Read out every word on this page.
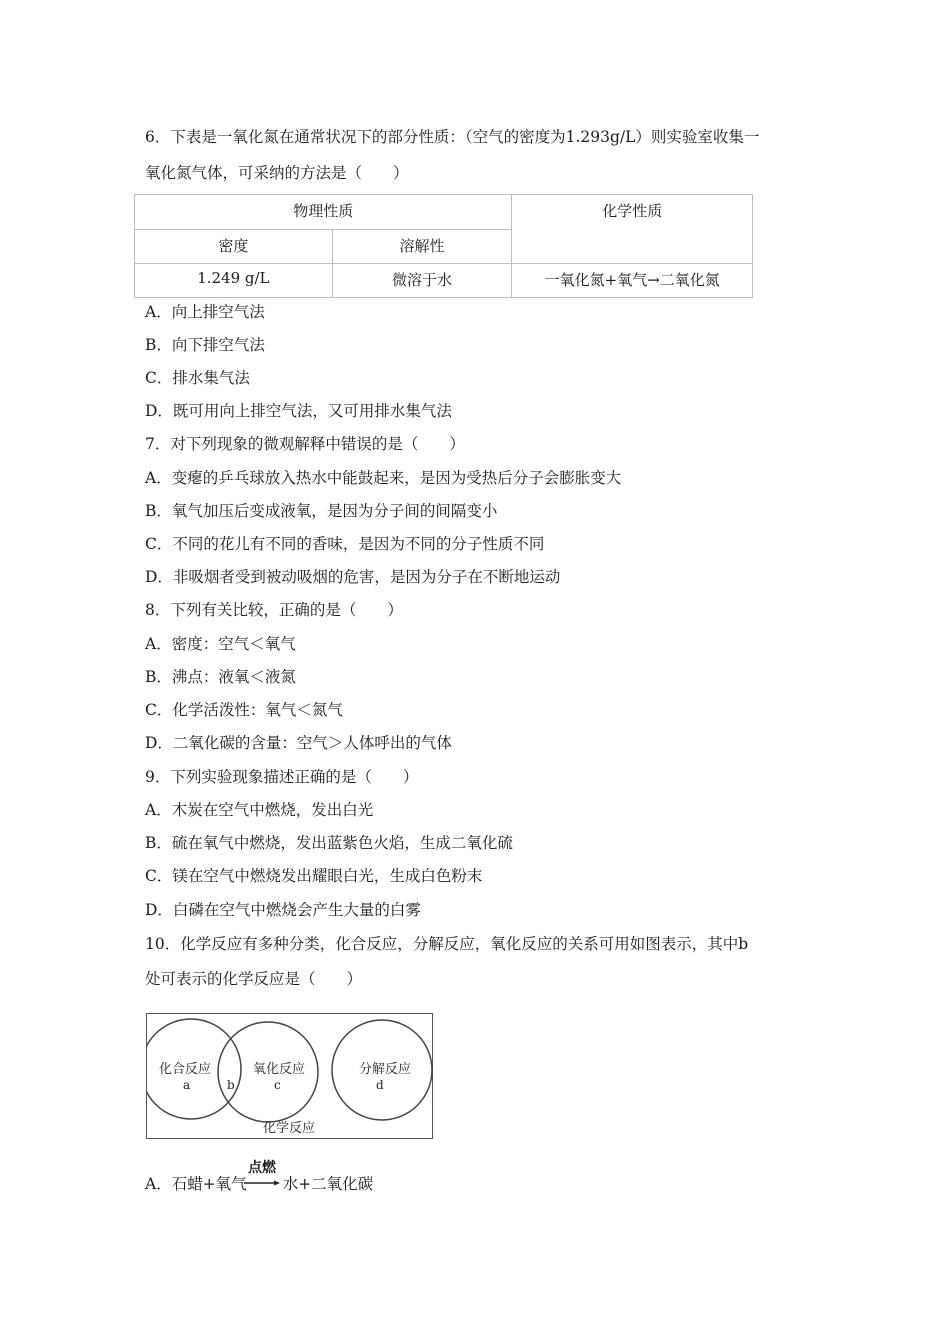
6．下表是一氧化氮在通常状况下的部分性质：（空气的密度为1.293g/L）则实验室收集一
氧化氮气体，可采纳的方法是（　　）
物理性质		化学性质

密度	溶解性	

1.249 g/L	微溶于水	一氧化氮+氧气→二氧化氮
A．向上排空气法
B．向下排空气法
C．排水集气法
D．既可用向上排空气法，又可用排水集气法
7．对下列现象的微观解释中错误的是（　　）
A．变瘪的乒乓球放入热水中能鼓起来，是因为受热后分子会膨胀变大
B．氧气加压后变成液氧，是因为分子间的间隔变小
C．不同的花儿有不同的香味，是因为不同的分子性质不同
D．非吸烟者受到被动吸烟的危害，是因为分子在不断地运动
8．下列有关比较，正确的是（　　）
A．密度：空气＜氧气
B．沸点：液氧＜液氮
C．化学活泼性：氧气＜氮气
D．二氧化碳的含量：空气＞人体呼出的气体
9．下列实验现象描述正确的是（　　）
A．木炭在空气中燃烧，发出白光
B．硫在氧气中燃烧，发出蓝紫色火焰，生成二氧化硫
C．镁在空气中燃烧发出耀眼白光，生成白色粉末
D．白磷在空气中燃烧会产生大量的白雾
10．化学反应有多种分类，化合反应，分解反应，氧化反应的关系可用如图表示，其中b
处可表示的化学反应是（　　）
化合反应	氧化反应	分解反应
化学反应
a	b	c	d
A．石蜡+氧气 水+二氧化碳
点燃
